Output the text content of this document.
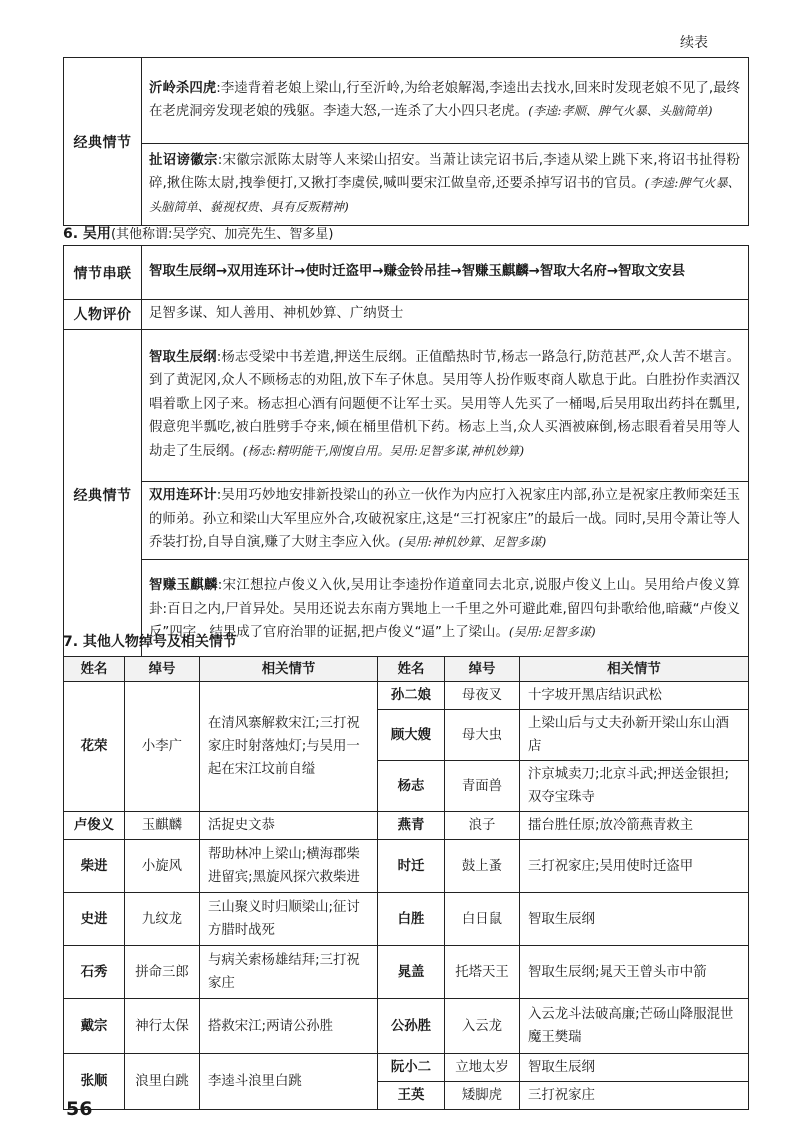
续表
经典情节	沂岭杀四虎:李逵背着老娘上梁山,行至沂岭,为给老娘解渴,李逵出去找水,回来时发现老娘不见了,最终在老虎洞旁发现老娘的残躯。李逵大怒,一连杀了大小四只老虎。(李逵:孝顺、脾气火暴、头脑简单)
扯诏谤徽宗:宋徽宗派陈太尉等人来梁山招安。当萧让读完诏书后,李逵从梁上跳下来,将诏书扯得粉碎,揪住陈太尉,拽拳便打,又揪打李虞侯,喊叫要宋江做皇帝,还要杀掉写诏书的官员。(李逵:脾气火暴、头脑简单、藐视权贵、具有反叛精神)
6. 吴用(其他称谓:吴学究、加亮先生、智多星)
情节串联	智取生辰纲→双用连环计→使时迁盗甲→赚金铃吊挂→智赚玉麒麟→智取大名府→智取文安县
人物评价	足智多谋、知人善用、神机妙算、广纳贤士
经典情节	智取生辰纲:杨志受梁中书差遣,押送生辰纲。正值酷热时节,杨志一路急行,防范甚严,众人苦不堪言。到了黄泥冈,众人不顾杨志的劝阻,放下车子休息。吴用等人扮作贩枣商人歇息于此。白胜扮作卖酒汉唱着歌上冈子来。杨志担心酒有问题便不让军士买。吴用等人先买了一桶喝,后吴用取出药抖在瓢里,假意兜半瓢吃,被白胜劈手夺来,倾在桶里借机下药。杨志上当,众人买酒被麻倒,杨志眼看着吴用等人劫走了生辰纲。(杨志:精明能干,刚愎自用。吴用:足智多谋,神机妙算)
	双用连环计:吴用巧妙地安排新投梁山的孙立一伙作为内应打入祝家庄内部,孙立是祝家庄教师栾廷玉的师弟。孙立和梁山大军里应外合,攻破祝家庄,这是“三打祝家庄”的最后一战。同时,吴用令萧让等人乔装打扮,自导自演,赚了大财主李应入伙。(吴用:神机妙算、足智多谋)
	智赚玉麒麟:宋江想拉卢俊义入伙,吴用让李逵扮作道童同去北京,说服卢俊义上山。吴用给卢俊义算卦:百日之内,尸首异处。吴用还说去东南方巽地上一千里之外可避此难,留四句卦歌给他,暗藏“卢俊义反”四字。结果成了官府治罪的证据,把卢俊义“逼”上了梁山。(吴用:足智多谋)
7. 其他人物绰号及相关情节
姓名	绰号	相关情节	姓名	绰号	相关情节
花荣	小李广	在清风寨解救宋江;三打祝家庄时射落烛灯;与吴用一起在宋江坟前自缢	孙二娘	母夜叉	十字坡开黑店结识武松
			顾大嫂	母大虫	上梁山后与丈夫孙新开梁山东山酒店
			杨志	青面兽	汴京城卖刀;北京斗武;押送金银担;双夺宝珠寺
卢俊义	玉麒麟	活捉史文恭	燕青	浪子	擂台胜任原;放冷箭燕青救主
柴进	小旋风	帮助林冲上梁山;横海郡柴进留宾;黑旋风探穴救柴进	时迁	鼓上蚤	三打祝家庄;吴用使时迁盗甲
史进	九纹龙	三山聚义时归顺梁山;征讨方腊时战死	白胜	白日鼠	智取生辰纲
石秀	拼命三郎	与病关索杨雄结拜;三打祝家庄	晁盖	托塔天王	智取生辰纲;晁天王曾头市中箭
戴宗	神行太保	搭救宋江;两请公孙胜	公孙胜	入云龙	入云龙斗法破高廉;芒砀山降服混世魔王樊瑞
张顺	浪里白跳	李逵斗浪里白跳	阮小二	立地太岁	智取生辰纲
			王英	矮脚虎	三打祝家庄
56
